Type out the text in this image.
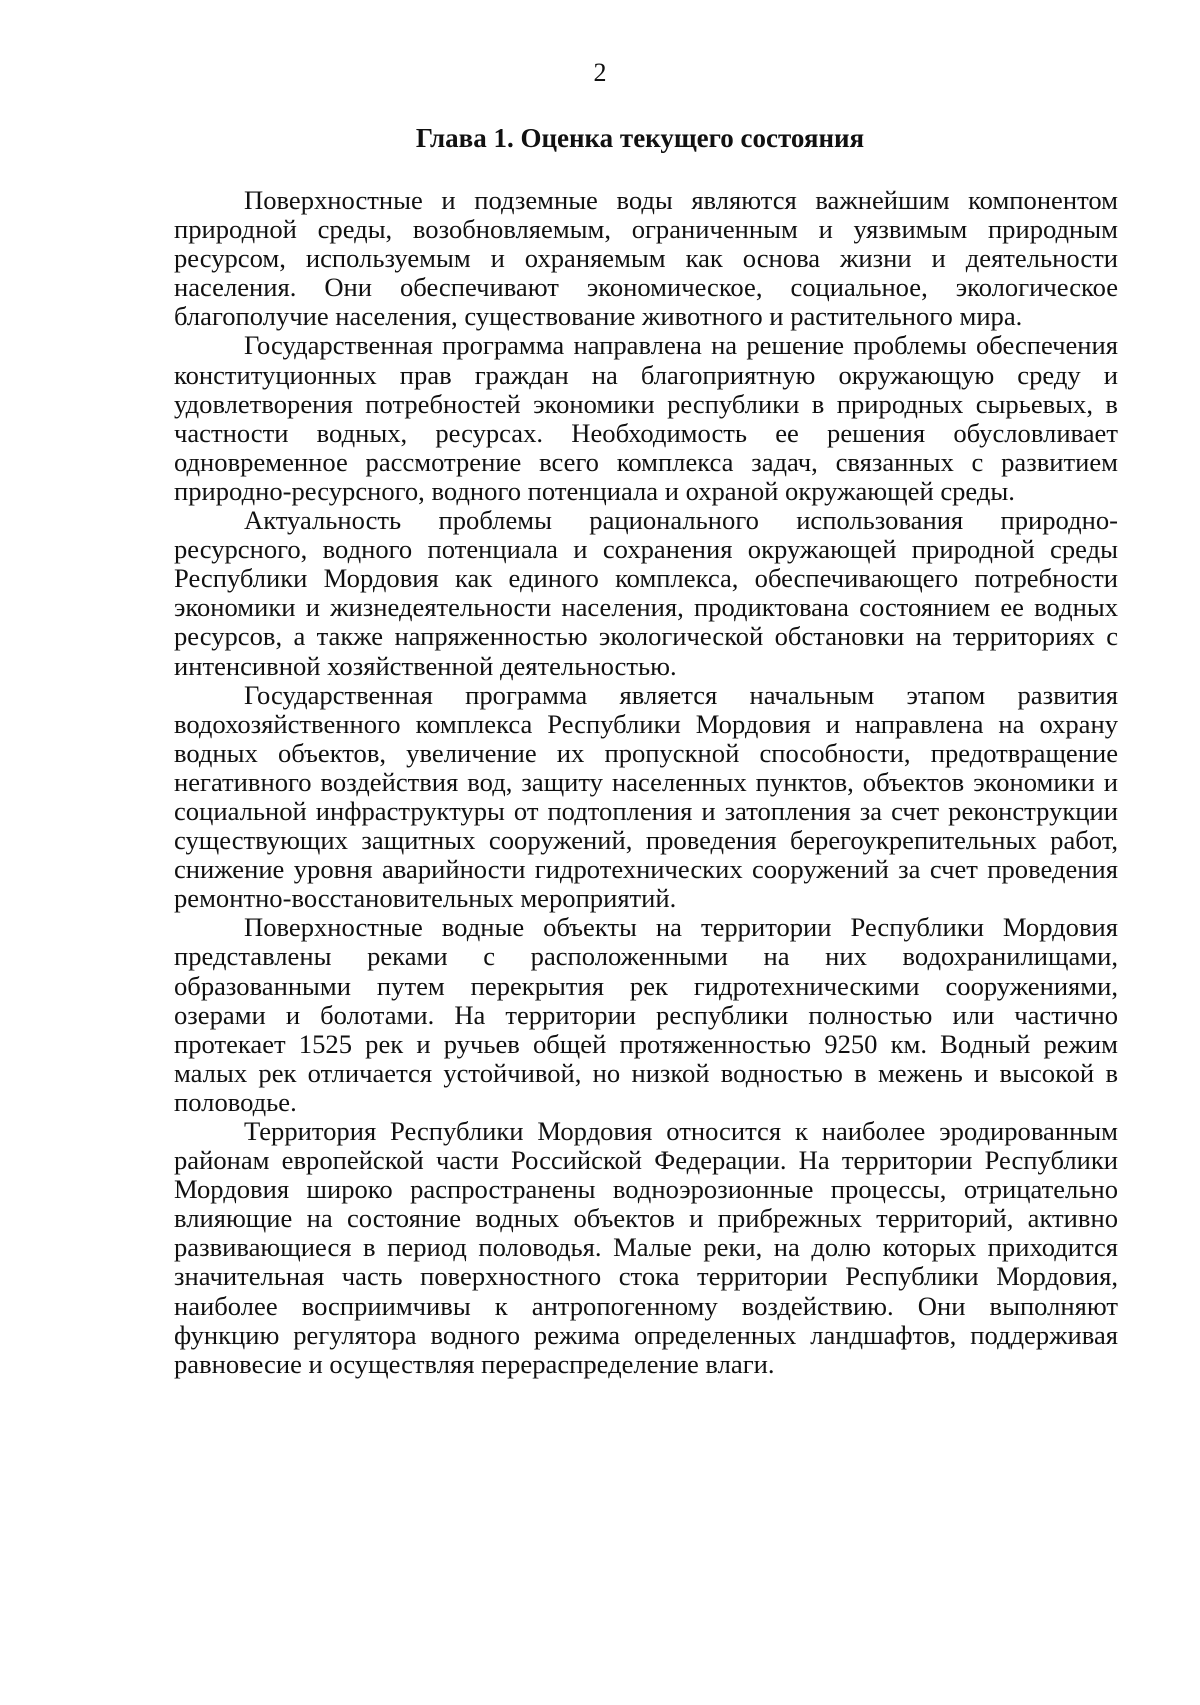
2
Глава 1. Оценка текущего состояния

Поверхностные и подземные воды являются важнейшим компонентом природной среды, возобновляемым, ограниченным и уязвимым природным ресурсом, используемым и охраняемым как основа жизни и деятельности населения. Они обеспечивают экономическое, социальное, экологическое благополучие населения, существование животного и растительного мира.

Государственная программа направлена на решение проблемы обеспечения конституционных прав граждан на благоприятную окружающую среду и удовлетворения потребностей экономики республики в природных сырьевых, в частности водных, ресурсах. Необходимость ее решения обусловливает одновременное рассмотрение всего комплекса задач, связанных с развитием природно-ресурсного, водного потенциала и охраной окружающей среды.

Актуальность проблемы рационального использования природно-ресурсного, водного потенциала и сохранения окружающей природной среды Республики Мордовия как единого комплекса, обеспечивающего потребности экономики и жизнедеятельности населения, продиктована состоянием ее водных ресурсов, а также напряженностью экологической обстановки на территориях с интенсивной хозяйственной деятельностью.

Государственная программа является начальным этапом развития водохозяйственного комплекса Республики Мордовия и направлена на охрану водных объектов, увеличение их пропускной способности, предотвращение негативного воздействия вод, защиту населенных пунктов, объектов экономики и социальной инфраструктуры от подтопления и затопления за счет реконструкции существующих защитных сооружений, проведения берегоукрепительных работ, снижение уровня аварийности гидротехнических сооружений за счет проведения ремонтно-восстановительных мероприятий.

Поверхностные водные объекты на территории Республики Мордовия представлены реками с расположенными на них водохранилищами, образованными путем перекрытия рек гидротехническими сооружениями, озерами и болотами. На территории республики полностью или частично протекает 1525 рек и ручьев общей протяженностью 9250 км. Водный режим малых рек отличается устойчивой, но низкой водностью в межень и высокой в половодье.

Территория Республики Мордовия относится к наиболее эродированным районам европейской части Российской Федерации. На территории Республики Мордовия широко распространены водноэрозионные процессы, отрицательно влияющие на состояние водных объектов и прибрежных территорий, активно развивающиеся в период половодья. Малые реки, на долю которых приходится значительная часть поверхностного стока территории Республики Мордовия, наиболее восприимчивы к антропогенному воздействию. Они выполняют функцию регулятора водного режима определенных ландшафтов, поддерживая равновесие и осуществляя перераспределение влаги.
